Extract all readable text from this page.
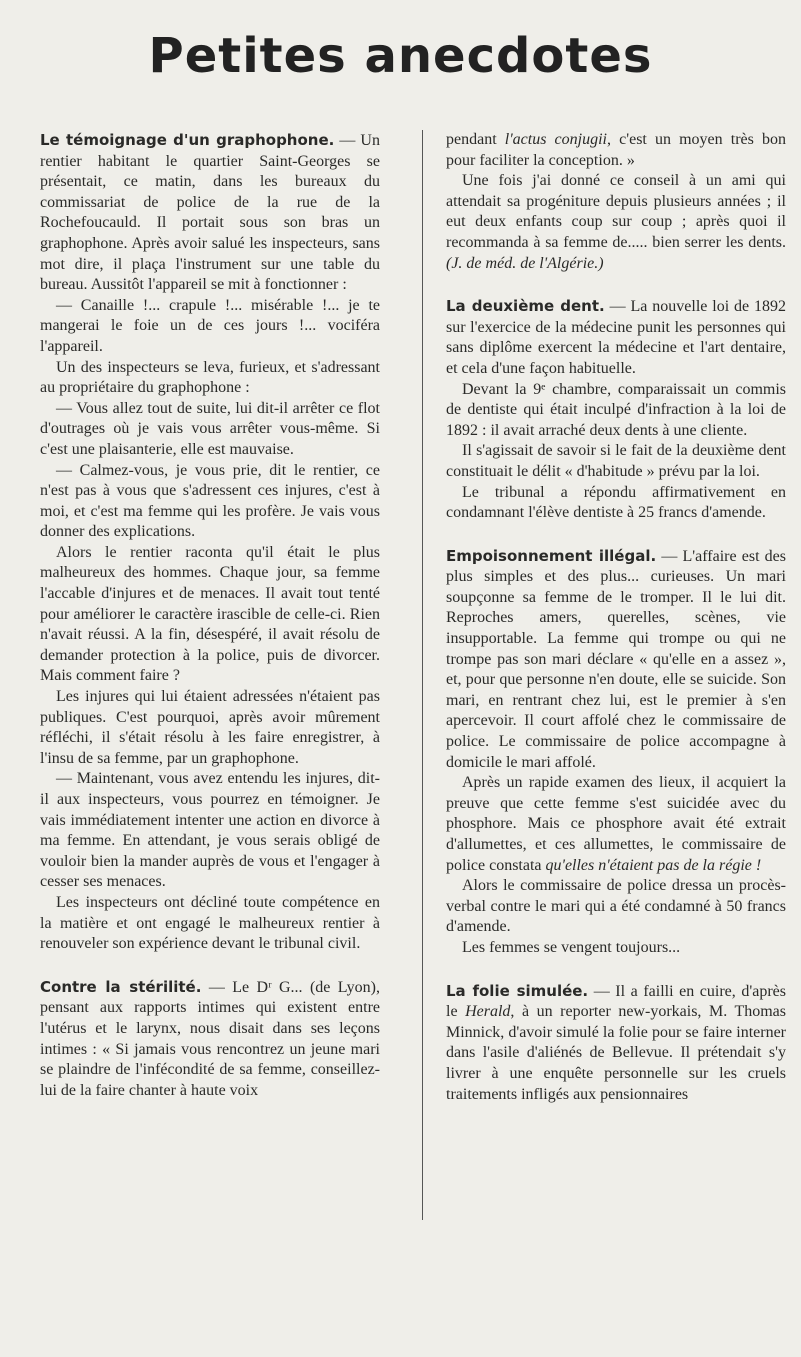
Petites anecdotes

Le témoignage d'un graphophone. — Un rentier habitant le quartier Saint-Georges se présentait, ce matin, dans les bureaux du commissariat de police de la rue de la Rochefoucauld. Il portait sous son bras un graphophone. Après avoir salué les inspecteurs, sans mot dire, il plaça l'instrument sur une table du bureau. Aussitôt l'appareil se mit à fonctionner :

— Canaille !... crapule !... misérable !... je te mangerai le foie un de ces jours !... vociféra l'appareil.

Un des inspecteurs se leva, furieux, et s'adressant au propriétaire du graphophone :

— Vous allez tout de suite, lui dit-il arrêter ce flot d'outrages où je vais vous arrêter vous-même. Si c'est une plaisanterie, elle est mauvaise.

— Calmez-vous, je vous prie, dit le rentier, ce n'est pas à vous que s'adressent ces injures, c'est à moi, et c'est ma femme qui les profère. Je vais vous donner des explications.

Alors le rentier raconta qu'il était le plus malheureux des hommes. Chaque jour, sa femme l'accable d'injures et de menaces. Il avait tout tenté pour améliorer le caractère irascible de celle-ci. Rien n'avait réussi. A la fin, désespéré, il avait résolu de demander protection à la police, puis de divorcer. Mais comment faire ?

Les injures qui lui étaient adressées n'étaient pas publiques. C'est pourquoi, après avoir mûrement réfléchi, il s'était résolu à les faire enregistrer, à l'insu de sa femme, par un graphophone.

— Maintenant, vous avez entendu les injures, dit-il aux inspecteurs, vous pourrez en témoigner. Je vais immédiatement intenter une action en divorce à ma femme. En attendant, je vous serais obligé de vouloir bien la mander auprès de vous et l'engager à cesser ses menaces.

Les inspecteurs ont décliné toute compétence en la matière et ont engagé le malheureux rentier à renouveler son expérience devant le tribunal civil.

Contre la stérilité. — Le Dʳ G... (de Lyon), pensant aux rapports intimes qui existent entre l'utérus et le larynx, nous disait dans ses leçons intimes : « Si jamais vous rencontrez un jeune mari se plaindre de l'infécondité de sa femme, conseillez-lui de la faire chanter à haute voix

pendant l'actus conjugii, c'est un moyen très bon pour faciliter la conception. »

Une fois j'ai donné ce conseil à un ami qui attendait sa progéniture depuis plusieurs années ; il eut deux enfants coup sur coup ; après quoi il recommanda à sa femme de..... bien serrer les dents. (J. de méd. de l'Algérie.)

La deuxième dent. — La nouvelle loi de 1892 sur l'exercice de la médecine punit les personnes qui sans diplôme exercent la médecine et l'art dentaire, et cela d'une façon habituelle.

Devant la 9ᵉ chambre, comparaissait un commis de dentiste qui était inculpé d'infraction à la loi de 1892 : il avait arraché deux dents à une cliente.

Il s'agissait de savoir si le fait de la deuxième dent constituait le délit « d'habitude » prévu par la loi.

Le tribunal a répondu affirmativement en condamnant l'élève dentiste à 25 francs d'amende.

Empoisonnement illégal. — L'affaire est des plus simples et des plus... curieuses. Un mari soupçonne sa femme de le tromper. Il le lui dit. Reproches amers, querelles, scènes, vie insupportable. La femme qui trompe ou qui ne trompe pas son mari déclare « qu'elle en a assez », et, pour que personne n'en doute, elle se suicide. Son mari, en rentrant chez lui, est le premier à s'en apercevoir. Il court affolé chez le commissaire de police. Le commissaire de police accompagne à domicile le mari affolé.

Après un rapide examen des lieux, il acquiert la preuve que cette femme s'est suicidée avec du phosphore. Mais ce phosphore avait été extrait d'allumettes, et ces allumettes, le commissaire de police constata qu'elles n'étaient pas de la régie !

Alors le commissaire de police dressa un procès-verbal contre le mari qui a été condamné à 50 francs d'amende.

Les femmes se vengent toujours...

La folie simulée. — Il a failli en cuire, d'après le Herald, à un reporter new-yorkais, M. Thomas Minnick, d'avoir simulé la folie pour se faire interner dans l'asile d'aliénés de Bellevue. Il prétendait s'y livrer à une enquête personnelle sur les cruels traitements infligés aux pensionnaires
